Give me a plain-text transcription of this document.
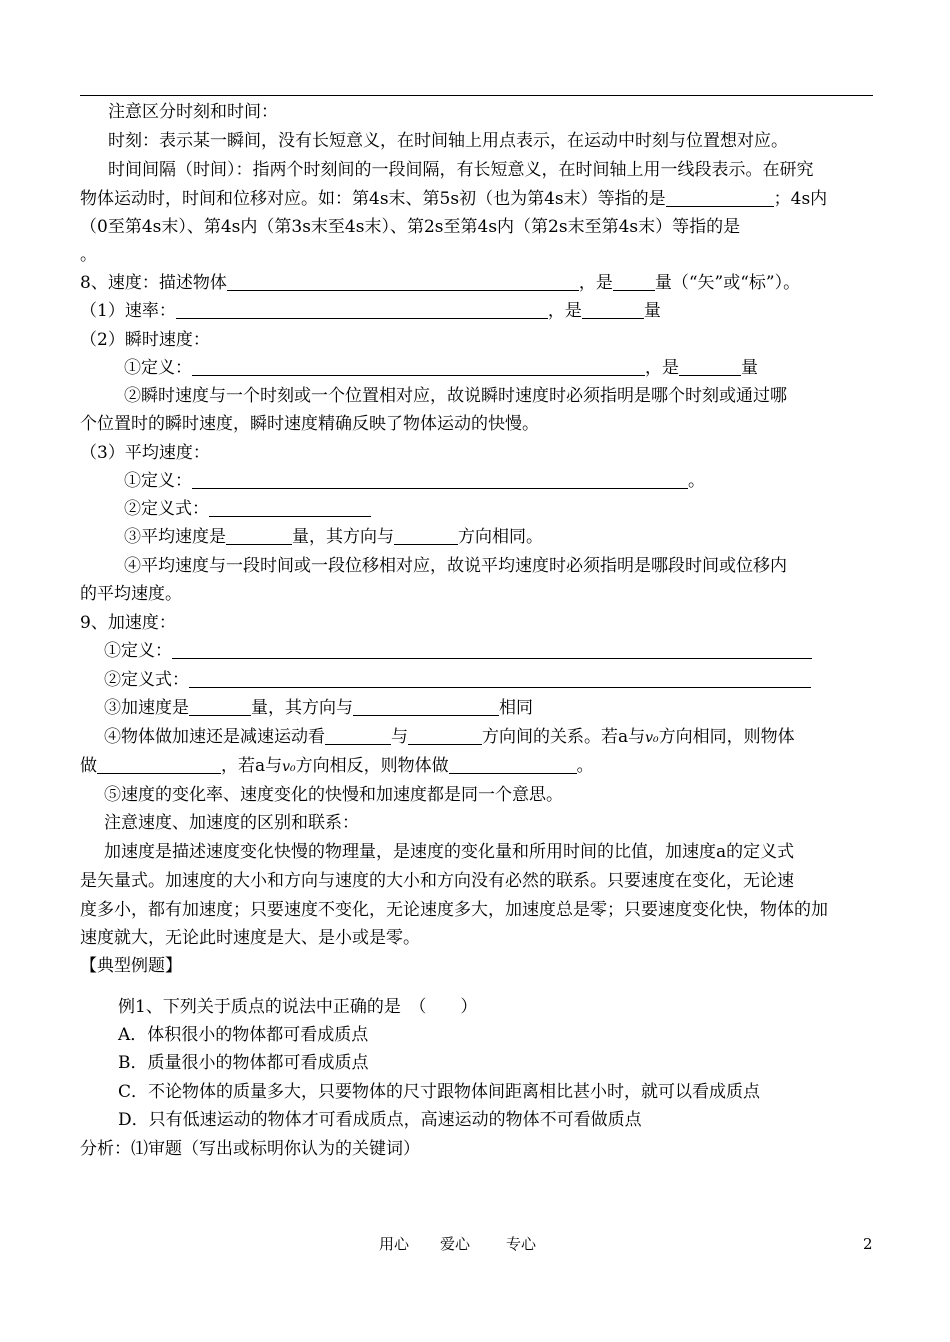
注意区分时刻和时间：
时刻：表示某一瞬间，没有长短意义，在时间轴上用点表示，在运动中时刻与位置想对应。
时间间隔（时间）：指两个时刻间的一段间隔，有长短意义，在时间轴上用一线段表示。在研究
物体运动时，时间和位移对应。如：第4s末、第5s初（也为第4s末）等指的是	；4s内
（0至第4s末）、第4s内（第3s末至4s末）、第2s至第4s内（第2s末至第4s末）等指的是
。
8、速度：描述物体	，是 量（“矢”或“标”）。
（1）速率：	，是	量
（2）瞬时速度：
①定义：	，是	量
②瞬时速度与一个时刻或一个位置相对应，故说瞬时速度时必须指明是哪个时刻或通过哪
个位置时的瞬时速度，瞬时速度精确反映了物体运动的快慢。
（3）平均速度：
①定义：	。
②定义式：
③平均速度是	量，其方向与	方向相同。
④平均速度与一段时间或一段位移相对应，故说平均速度时必须指明是哪段时间或位移内
的平均速度。
9、加速度：
①定义：
②定义式：
③加速度是	量，其方向与	相同
④物体做加速还是减速运动看	与	方向间的关系。若a与v₀方向相同，则物体
做	，若a与v₀方向相反，则物体做	。
⑤速度的变化率、速度变化的快慢和加速度都是同一个意思。
注意速度、加速度的区别和联系：
加速度是描述速度变化快慢的物理量，是速度的变化量和所用时间的比值，加速度a的定义式
是矢量式。加速度的大小和方向与速度的大小和方向没有必然的联系。只要速度在变化，无论速
度多小，都有加速度；只要速度不变化，无论速度多大，加速度总是零；只要速度变化快，物体的加
速度就大，无论此时速度是大、是小或是零。
【典型例题】
例1、下列关于质点的说法中正确的是　（　　）
A．体积很小的物体都可看成质点
B．质量很小的物体都可看成质点
C．不论物体的质量多大，只要物体的尺寸跟物体间距离相比甚小时，就可以看成质点
D．只有低速运动的物体才可看成质点，高速运动的物体不可看做质点
分析：⑴审题（写出或标明你认为的关键词）
用心 爱心 专心	2
